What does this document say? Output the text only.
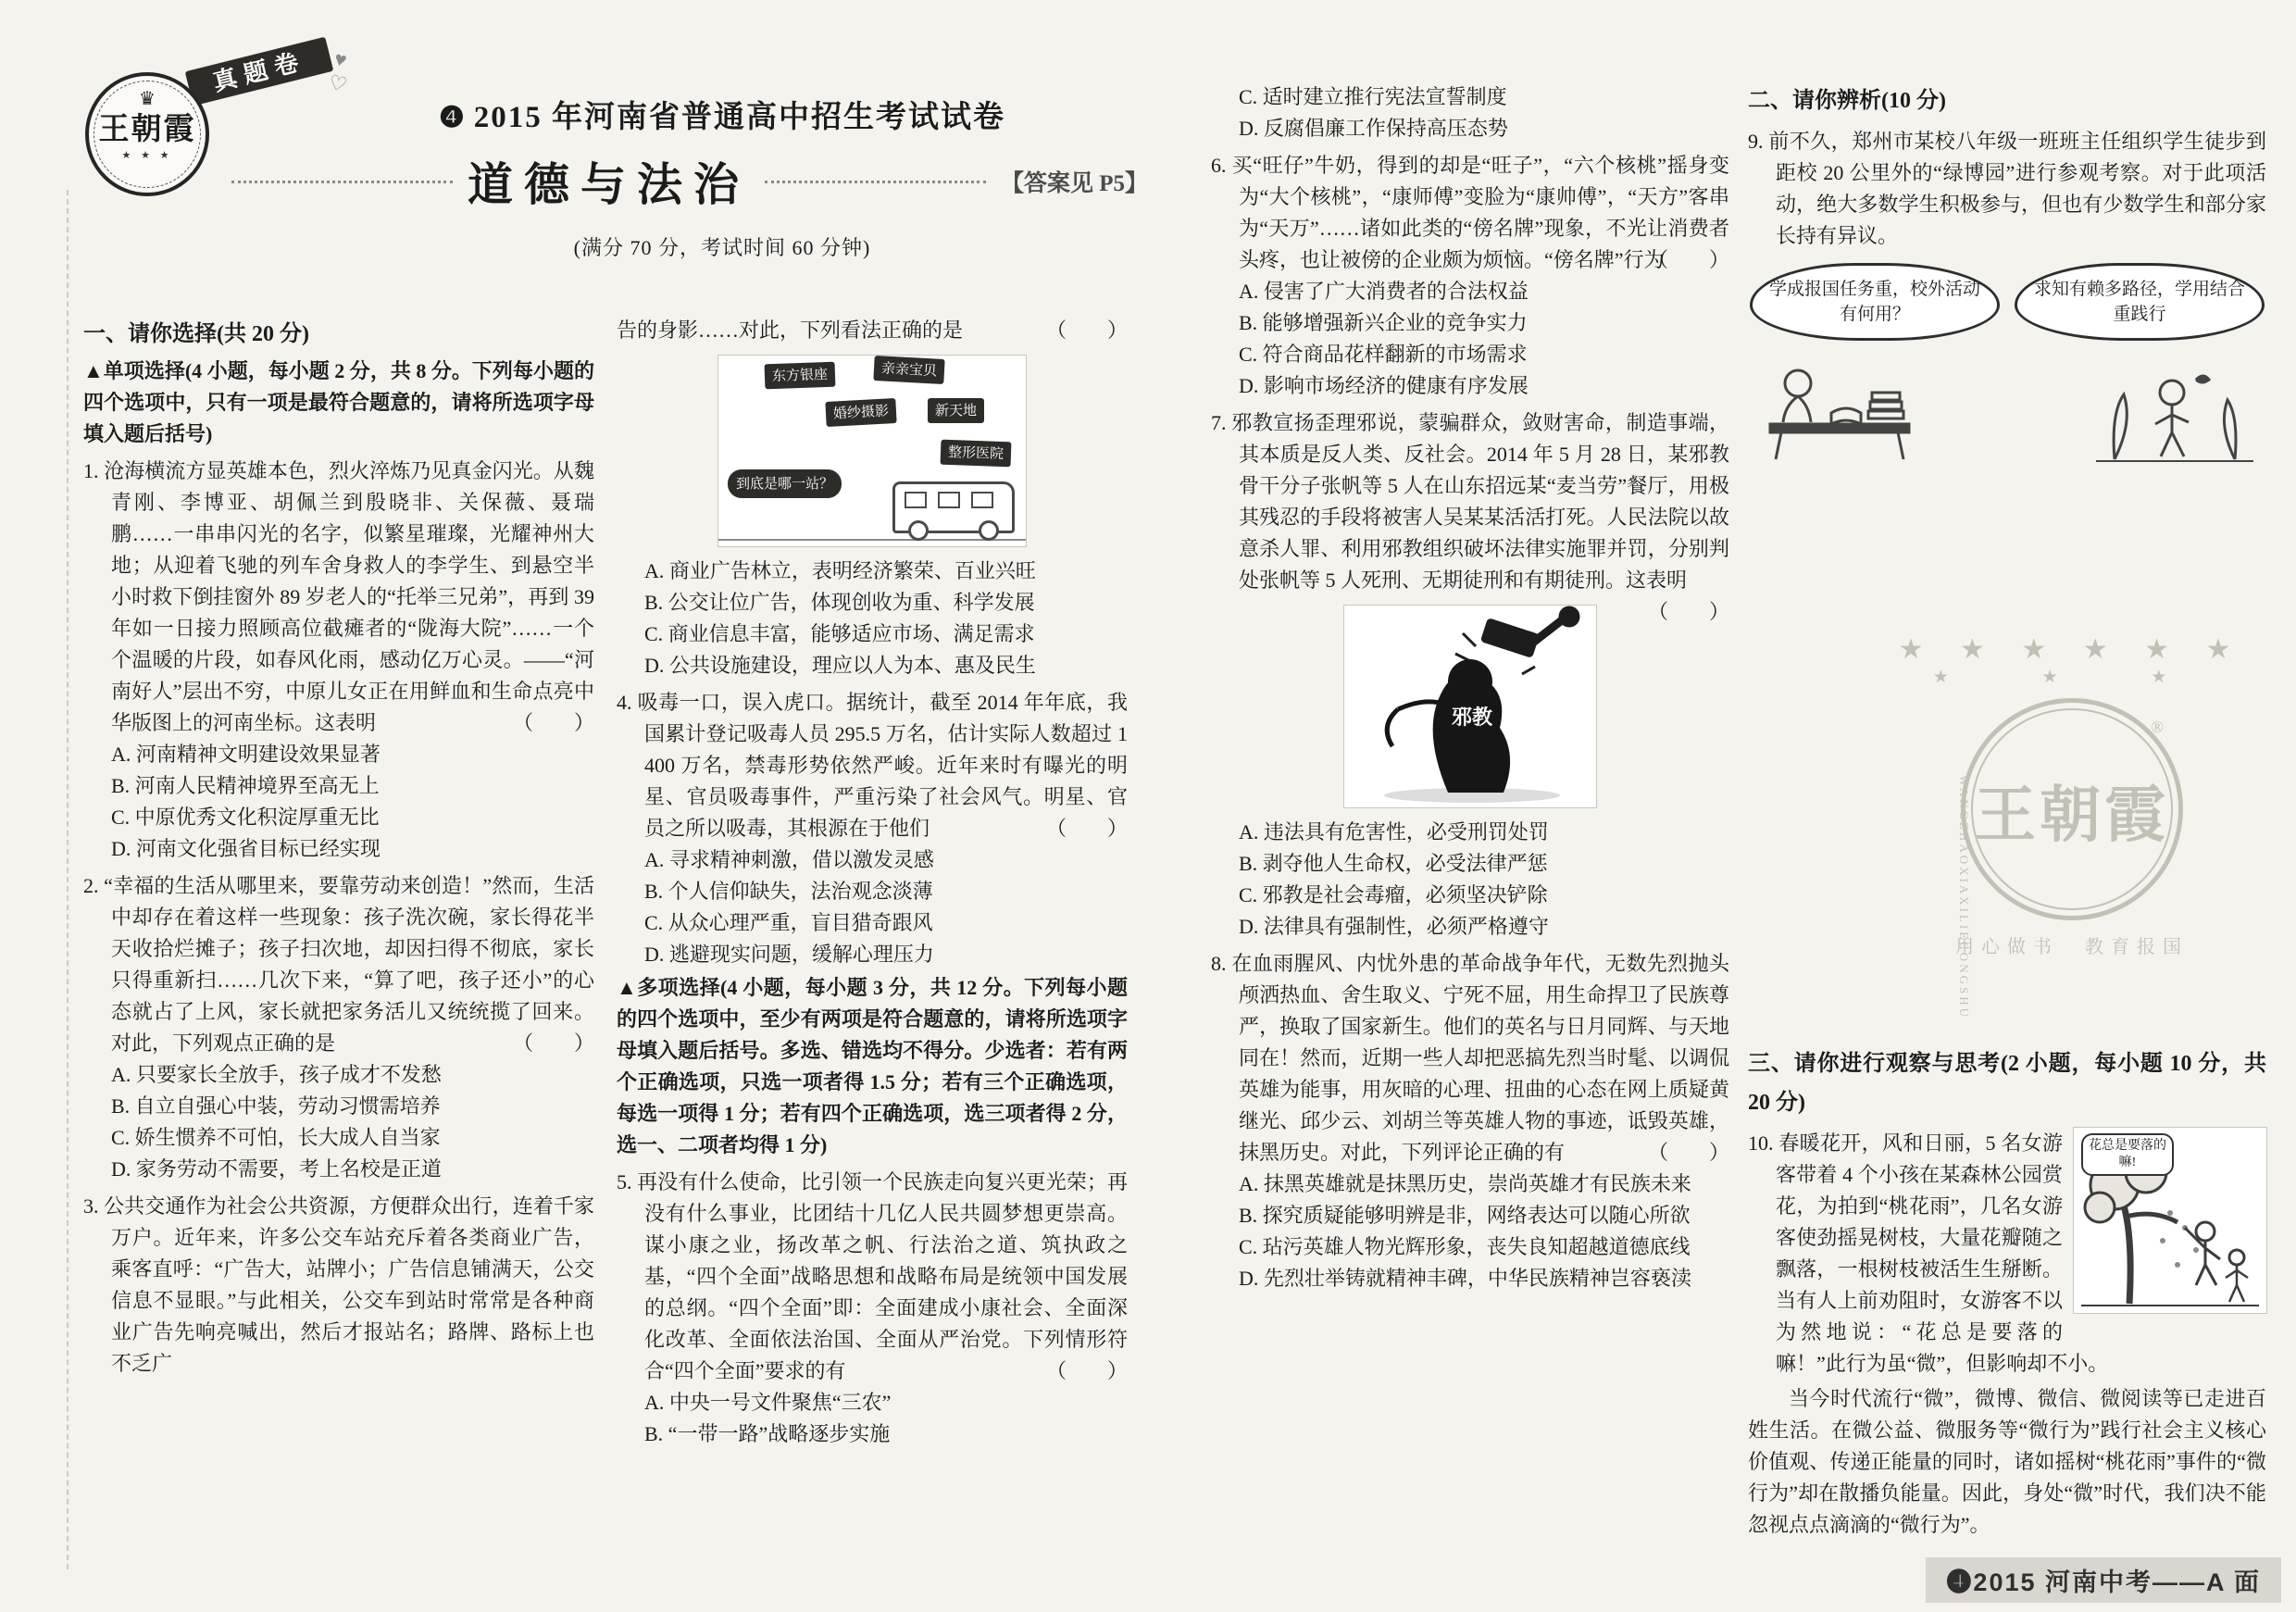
真题卷	♥ ♡
♛
王朝霞
★ ★ ★
❹ 2015 年河南省普通高中招生考试试卷
道德与法治	【答案见 P5】
(满分 70 分，考试时间 60 分钟)
一、请你选择(共 20 分)
▲单项选择(4 小题，每小题 2 分，共 8 分。下列每小题的四个选项中，只有一项是最符合题意的，请将所选项字母填入题后括号)
1. 沧海横流方显英雄本色，烈火淬炼乃见真金闪光。从魏青刚、李博亚、胡佩兰到殷晓非、关保薇、聂瑞鹏……一串串闪光的名字，似繁星璀璨，光耀神州大地；从迎着飞驰的列车舍身救人的李学生、到悬空半小时救下倒挂窗外 89 岁老人的“托举三兄弟”，再到 39 年如一日接力照顾高位截瘫者的“陇海大院”……一个个温暖的片段，如春风化雨，感动亿万心灵。——“河南好人”层出不穷，中原儿女正在用鲜血和生命点亮中华版图上的河南坐标。这表明	（　　）
A. 河南精神文明建设效果显著
B. 河南人民精神境界至高无上
C. 中原优秀文化积淀厚重无比
D. 河南文化强省目标已经实现
2. “幸福的生活从哪里来，要靠劳动来创造！”然而，生活中却存在着这样一些现象：孩子洗次碗，家长得花半天收拾烂摊子；孩子扫次地，却因扫得不彻底，家长只得重新扫……几次下来，“算了吧，孩子还小”的心态就占了上风，家长就把家务活儿又统统揽了回来。对此，下列观点正确的是	（　　）
A. 只要家长全放手，孩子成才不发愁
B. 自立自强心中装，劳动习惯需培养
C. 娇生惯养不可怕，长大成人自当家
D. 家务劳动不需要，考上名校是正道
3. 公共交通作为社会公共资源，方便群众出行，连着千家万户。近年来，许多公交车站充斥着各类商业广告，乘客直呼：“广告大，站牌小；广告信息铺满天，公交信息不显眼。”与此相关，公交车到站时常常是各种商业广告先响亮喊出，然后才报站名；路牌、路标上也不乏广
告的身影……对此，下列看法正确的是	（　　）
东方银座	亲亲宝贝
婚纱摄影	新天地
整形医院
到底是哪一站？
A. 商业广告林立，表明经济繁荣、百业兴旺
B. 公交让位广告，体现创收为重、科学发展
C. 商业信息丰富，能够适应市场、满足需求
D. 公共设施建设，理应以人为本、惠及民生
4. 吸毒一口，误入虎口。据统计，截至 2014 年年底，我国累计登记吸毒人员 295.5 万名，估计实际人数超过 1 400 万名，禁毒形势依然严峻。近年来时有曝光的明星、官员吸毒事件，严重污染了社会风气。明星、官员之所以吸毒，其根源在于他们	（　　）
A. 寻求精神刺激，借以激发灵感
B. 个人信仰缺失，法治观念淡薄
C. 从众心理严重，盲目猎奇跟风
D. 逃避现实问题，缓解心理压力
▲多项选择(4 小题，每小题 3 分，共 12 分。下列每小题的四个选项中，至少有两项是符合题意的，请将所选项字母填入题后括号。多选、错选均不得分。少选者：若有两个正确选项，只选一项者得 1.5 分；若有三个正确选项，每选一项得 1 分；若有四个正确选项，选三项者得 2 分，选一、二项者均得 1 分)
5. 再没有什么使命，比引领一个民族走向复兴更光荣；再没有什么事业，比团结十几亿人民共圆梦想更崇高。谋小康之业，扬改革之帆、行法治之道、筑执政之基，“四个全面”战略思想和战略布局是统领中国发展的总纲。“四个全面”即：全面建成小康社会、全面深化改革、全面依法治国、全面从严治党。下列情形符合“四个全面”要求的有	（　　）
A. 中央一号文件聚焦“三农”
B. “一带一路”战略逐步实施
C. 适时建立推行宪法宣誓制度
D. 反腐倡廉工作保持高压态势
6. 买“旺仔”牛奶，得到的却是“旺子”，“六个核桃”摇身变为“大个核桃”，“康师傅”变脸为“康帅傅”，“天方”客串为“天万”……诸如此类的“傍名牌”现象，不光让消费者头疼，也让被傍的企业颇为烦恼。“傍名牌”行为
（　　）
A. 侵害了广大消费者的合法权益
B. 能够增强新兴企业的竞争实力
C. 符合商品花样翻新的市场需求
D. 影响市场经济的健康有序发展
7. 邪教宣扬歪理邪说，蒙骗群众，敛财害命，制造事端，其本质是反人类、反社会。2014 年 5 月 28 日，某邪教骨干分子张帆等 5 人在山东招远某“麦当劳”餐厅，用极其残忍的手段将被害人吴某某活活打死。人民法院以故意杀人罪、利用邪教组织破坏法律实施罪并罚，分别判处张帆等 5 人死刑、无期徒刑和有期徒刑。这表明
（　　）
邪教
A. 违法具有危害性，必受刑罚处罚
B. 剥夺他人生命权，必受法律严惩
C. 邪教是社会毒瘤，必须坚决铲除
D. 法律具有强制性，必须严格遵守
8. 在血雨腥风、内忧外患的革命战争年代，无数先烈抛头颅洒热血、舍生取义、宁死不屈，用生命捍卫了民族尊严，换取了国家新生。他们的英名与日月同辉、与天地同在！然而，近期一些人却把恶搞先烈当时髦、以调侃英雄为能事，用灰暗的心理、扭曲的心态在网上质疑黄继光、邱少云、刘胡兰等英雄人物的事迹，诋毁英雄，抹黑历史。对此，下列评论正确的有	（　　）
A. 抹黑英雄就是抹黑历史，崇尚英雄才有民族未来
B. 探究质疑能够明辨是非，网络表达可以随心所欲
C. 玷污英雄人物光辉形象，丧失良知超越道德底线
D. 先烈壮举铸就精神丰碑，中华民族精神岂容亵渎
二、请你辨析(10 分)
9. 前不久，郑州市某校八年级一班班主任组织学生徒步到距校 20 公里外的“绿博园”进行参观考察。对于此项活动，绝大多数学生积极参与，但也有少数学生和部分家长持有异议。
学成报国任务重，校外活动有何用？
求知有赖多路径，学用结合重践行
★ ★ ★ ★ ★ ★
★ ★ ★
王朝霞
®
WANGZHAOXIAXILIECONGSHU
用心做书　教育报国
三、请你进行观察与思考(2 小题，每小题 10 分，共 20 分)
花总是要落的嘛!
10. 春暖花开，风和日丽，5 名女游客带着 4 个小孩在某森林公园赏花，为拍到“桃花雨”，几名女游客使劲摇晃树枝，大量花瓣随之飘落，一根树枝被活生生掰断。当有人上前劝阻时，女游客不以为然地说：“花总是要落的嘛！”此行为虽“微”，但影响却不小。
当今时代流行“微”，微博、微信、微阅读等已走进百姓生活。在微公益、微服务等“微行为”践行社会主义核心价值观、传递正能量的同时，诸如摇树“桃花雨”事件的“微行为”却在散播负能量。因此，身处“微”时代，我们决不能忽视点点滴滴的“微行为”。
❹2015 河南中考——A 面
